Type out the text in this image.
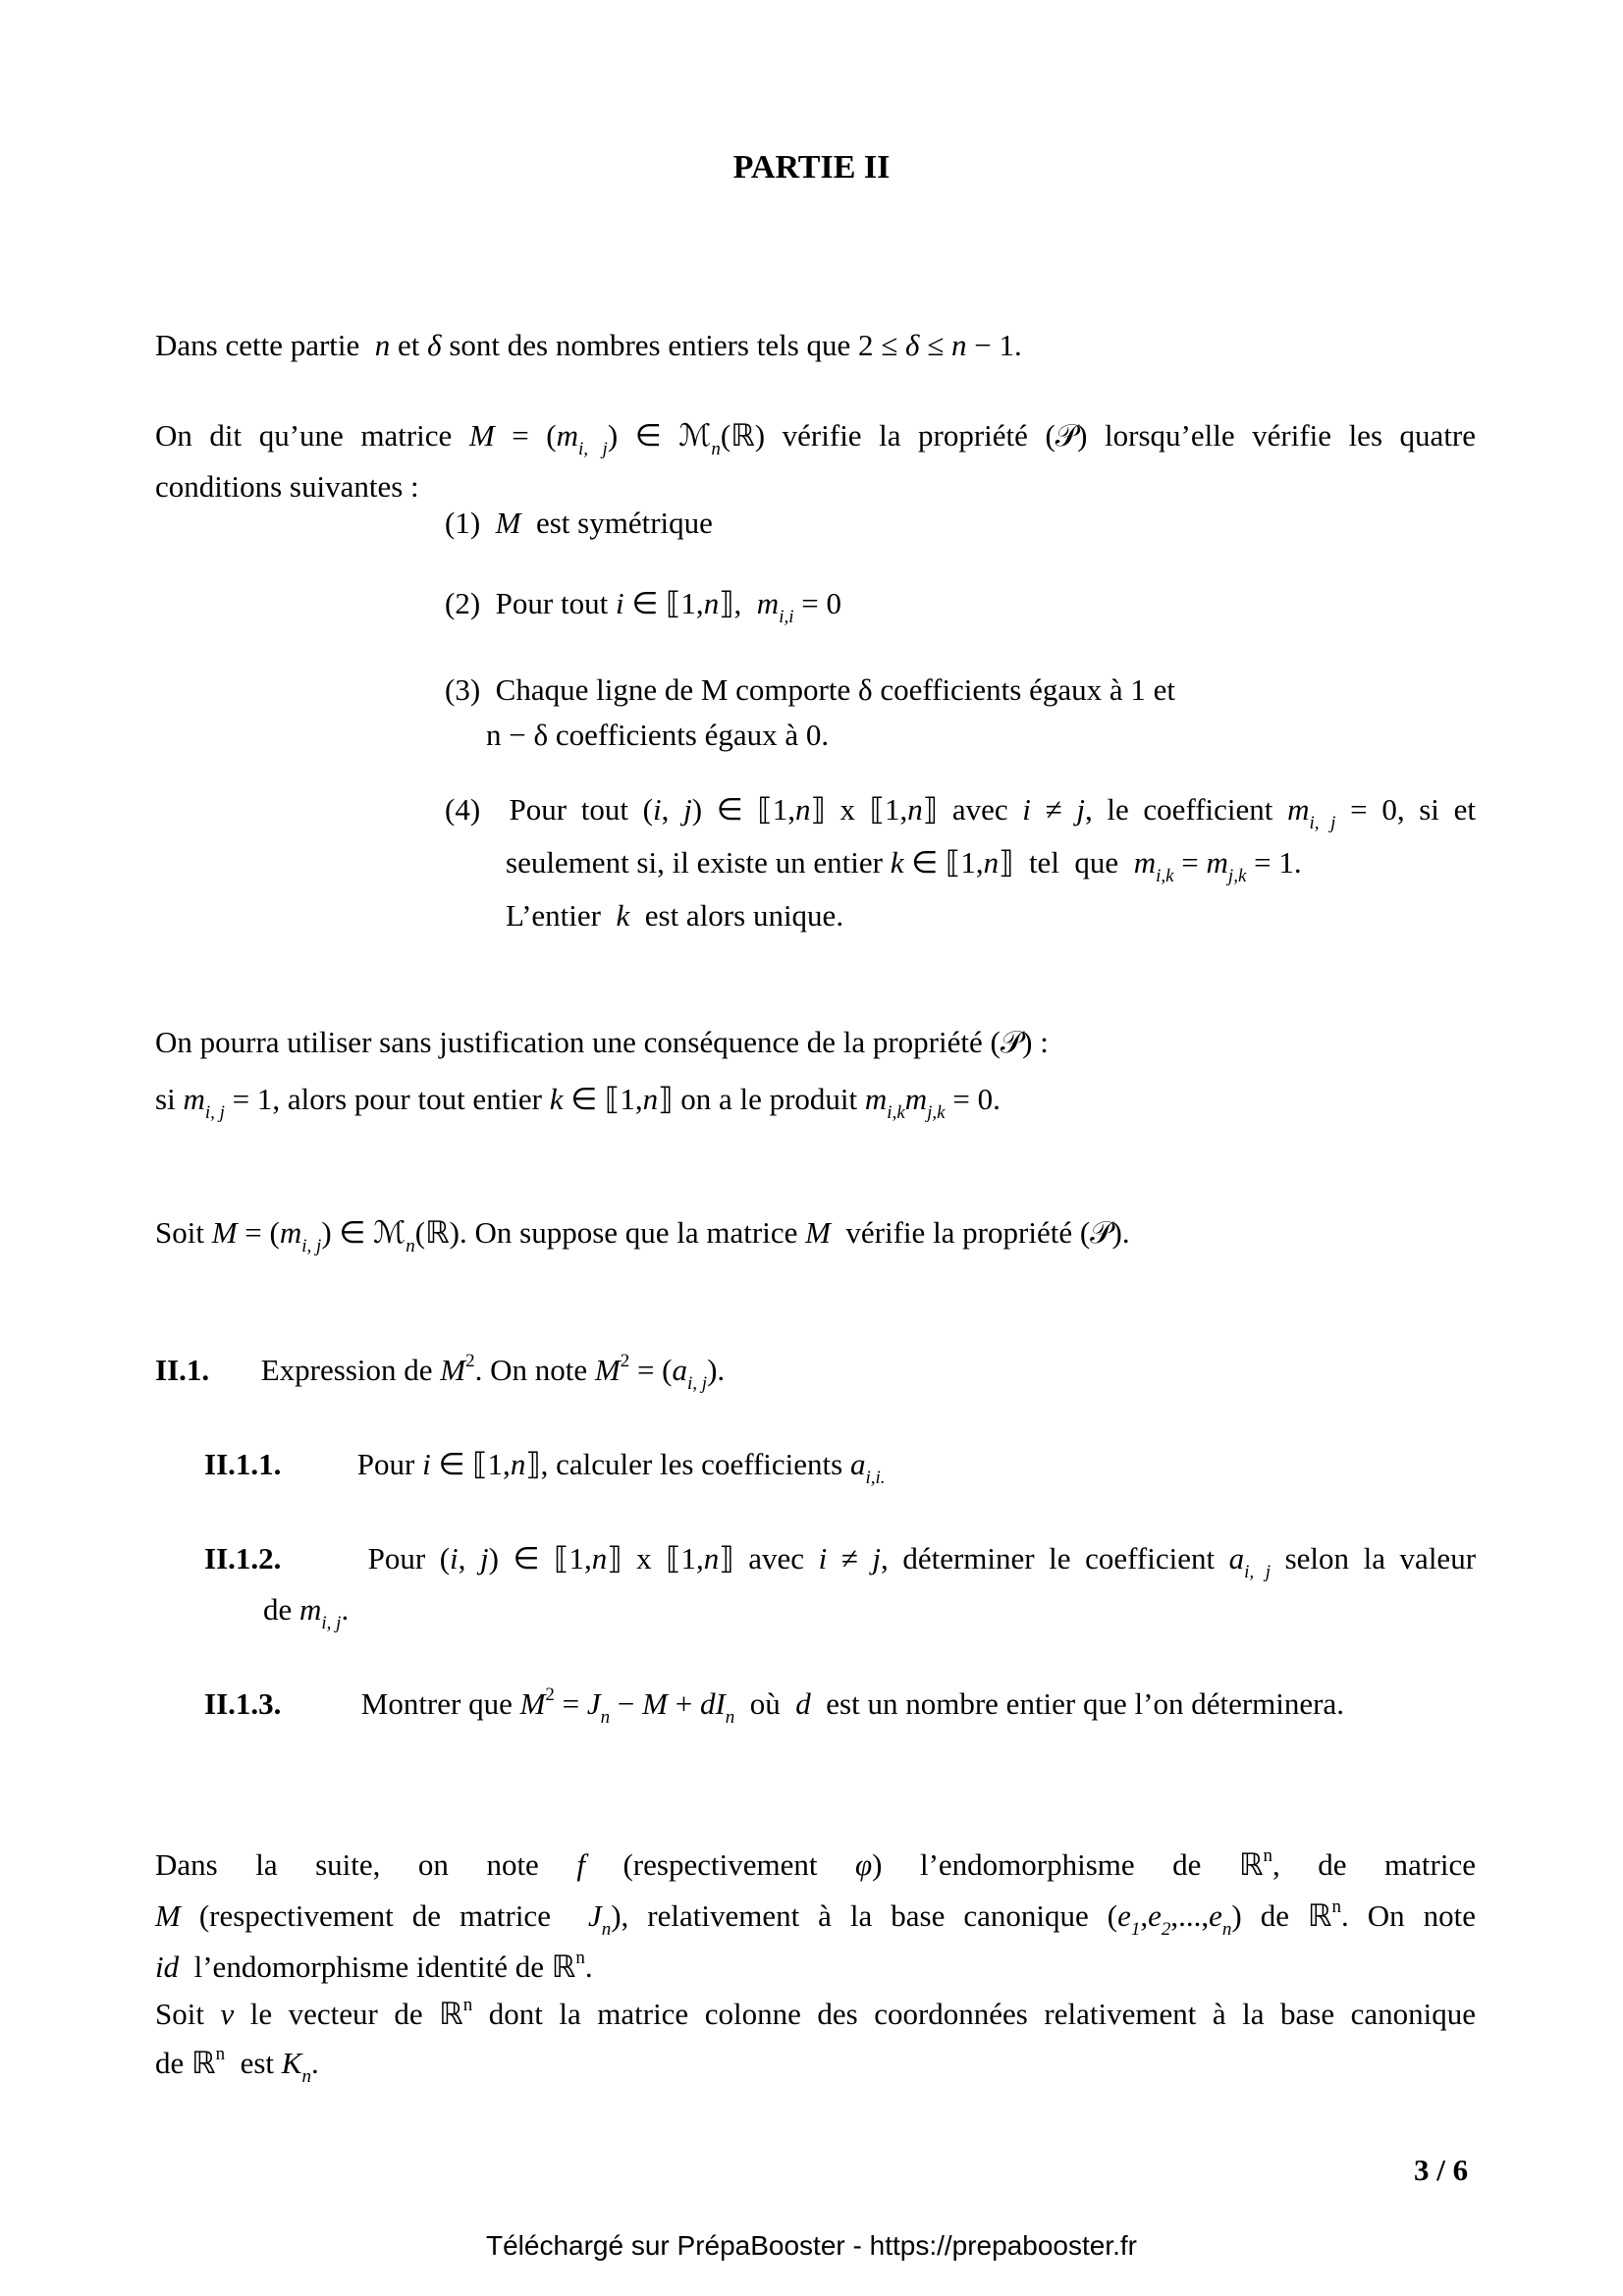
PARTIE II
Dans cette partie  n et δ sont des nombres entiers tels que 2 ≤ δ ≤ n − 1.
On dit qu’une matrice $M = (m_{i, j})$ ∈ ℳ$_n$(ℝ) vérifie la propriété (𝒫) lorsqu’elle vérifie les quatre
conditions suivantes :
(1) M  est symétrique
(2) Pour tout i ∈ ⟦1,n⟧,  $m_{i,i} = 0$
(3) Chaque ligne de M comporte δ coefficients égaux à 1 et
n − δ coefficients égaux à 0.
(4)  Pour tout (i, j) ∈ ⟦1,n⟧ x ⟦1,n⟧ avec i ≠ j, le coefficient $m_{i, j} = 0$, si et
seulement si, il existe un entier k ∈ ⟦1,n⟧  tel  que  $m_{i,k} = m_{j,k} = 1$.
L’entier  k  est alors unique.
On pourra utiliser sans justification une conséquence de la propriété (𝒫) :
si $m_{i, j} = 1$, alors pour tout entier k ∈ ⟦1,n⟧ on a le produit $m_{i,k}m_{j,k} = 0$.
Soit $M = (m_{i, j})$ ∈ ℳ$_n$(ℝ). On suppose que la matrice M  vérifie la propriété (𝒫).
II.1. Expression de $M^2$. On note $M^2 = (a_{i, j})$.
II.1.1. Pour i ∈ ⟦1,n⟧, calculer les coefficients $a_{i,i.}$
II.1.2.	Pour (i, j) ∈ ⟦1,n⟧ x ⟦1,n⟧ avec i ≠ j, déterminer le coefficient $a_{i, j}$ selon la valeur
de $m_{i, j}$.
II.1.3.	Montrer que $M^2 = J_n - M + dI_n$  où  d  est un nombre entier que l’on déterminera.
Dans la suite, on note f (respectivement φ) l’endomorphisme de ℝ$^n$, de matrice
M (respectivement de matrice  $J_n$), relativement à la base canonique $(e_1,e_2,...,e_n)$ de ℝ$^n$. On note
id  l’endomorphisme identité de ℝ$^n$.
Soit v le vecteur de ℝ$^n$ dont la matrice colonne des coordonnées relativement à la base canonique
de ℝ$^n$  est $K_n$.
3 / 6
Téléchargé sur PrépaBooster - https://prepabooster.fr
